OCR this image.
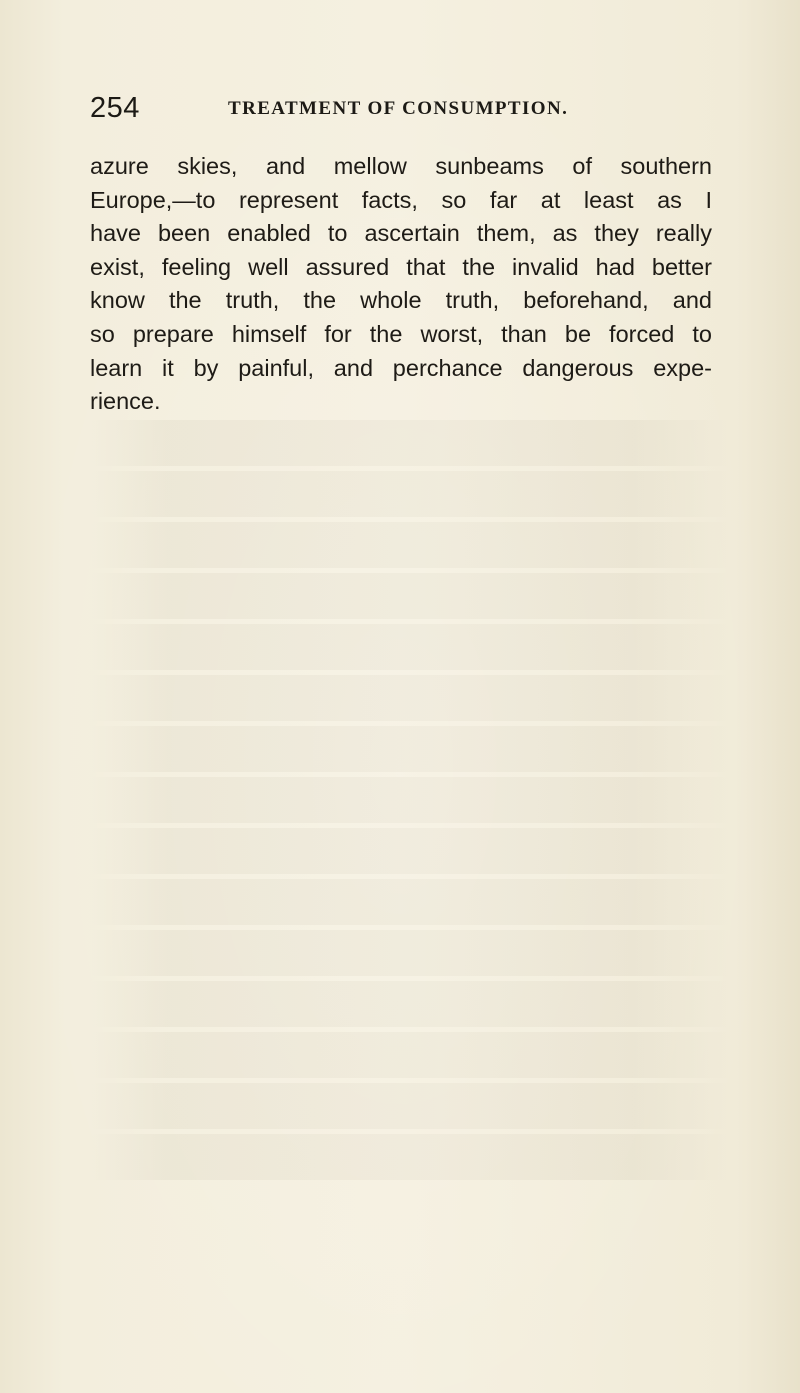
254	TREATMENT OF CONSUMPTION.
azure skies, and mellow sunbeams of southern
Europe,—to represent facts, so far at least as I
have been enabled to ascertain them, as they really
exist, feeling well assured that the invalid had better
know the truth, the whole truth, beforehand, and
so prepare himself for the worst, than be forced to
learn it by painful, and perchance dangerous expe-
rience.
